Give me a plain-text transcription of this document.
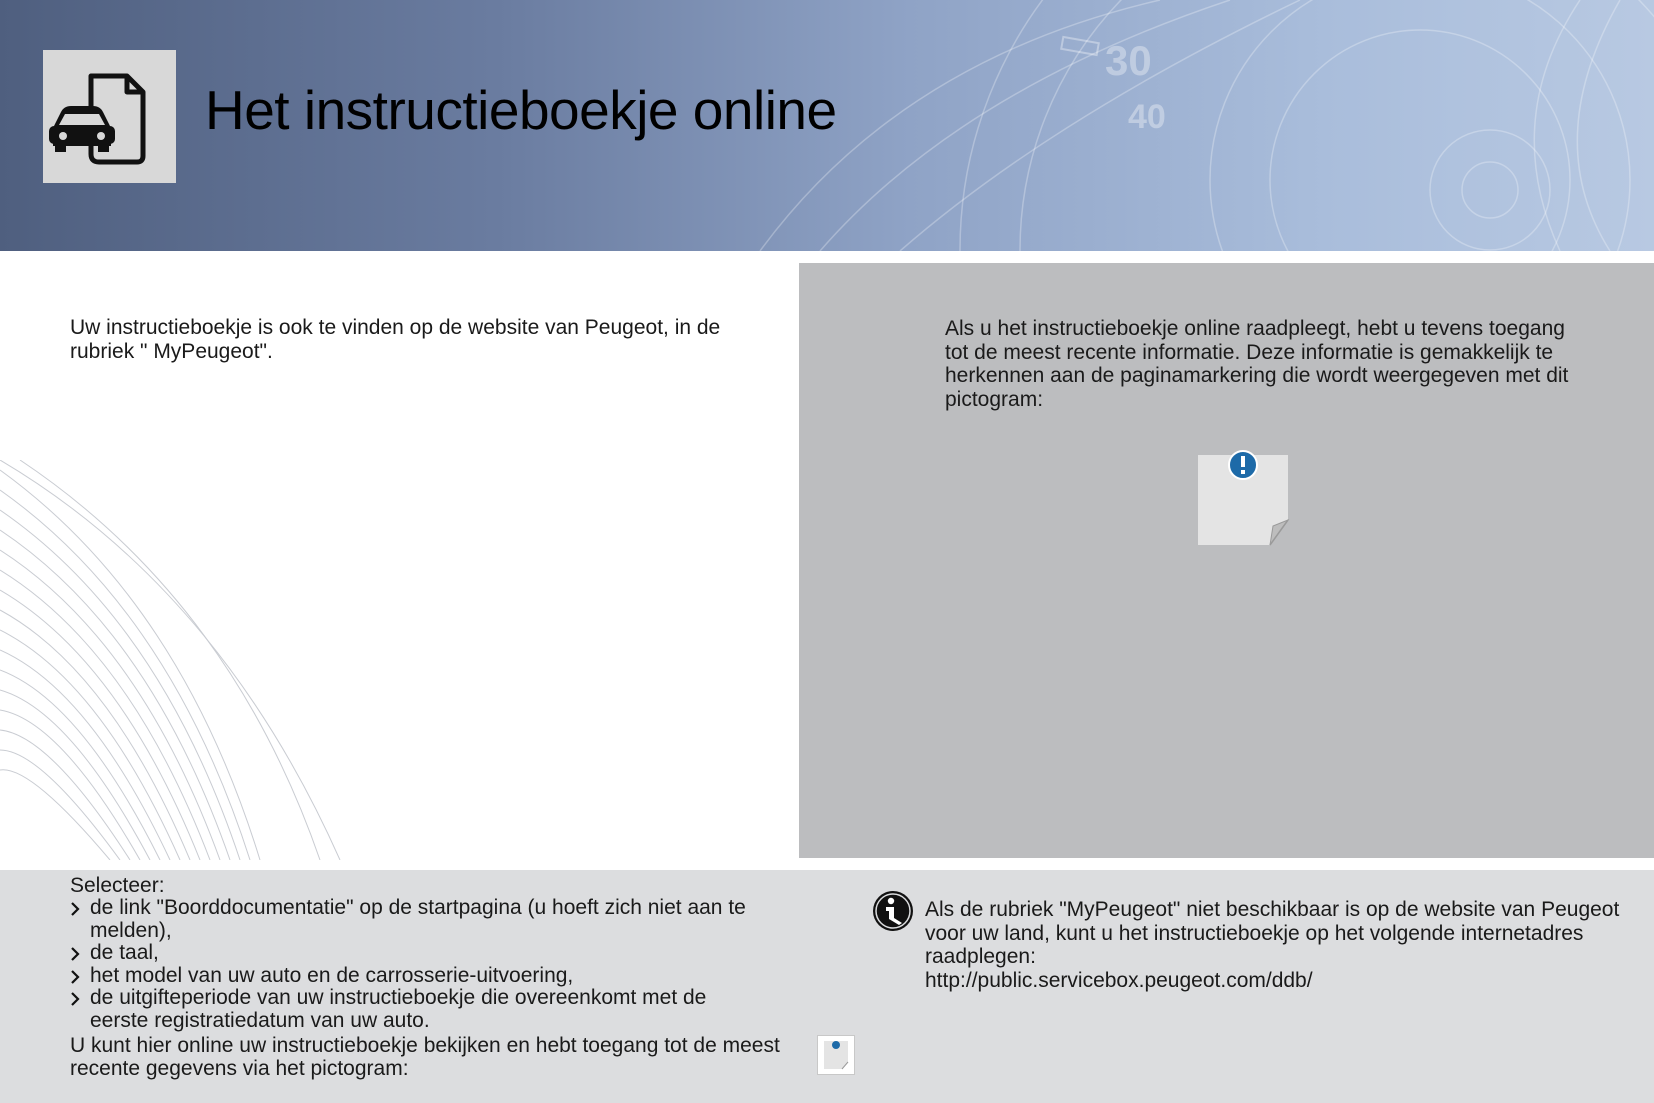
30
40
Het instructieboekje online

Uw instructieboekje is ook te vinden op de website van Peugeot, in de rubriek " MyPeugeot".

Als u het instructieboekje online raadpleegt, hebt u tevens toegang tot de meest recente informatie. Deze informatie is gemakkelijk te herkennen aan de paginamarkering die wordt weergegeven met dit pictogram:

Selecteer:

de link "Boorddocumentatie" op de startpagina (u hoeft zich niet aan te melden),
de taal,
het model van uw auto en de carrosserie-uitvoering,
de uitgifteperiode van uw instructieboekje die overeenkomt met de eerste registratiedatum van uw auto.

U kunt hier online uw instructieboekje bekijken en hebt toegang tot de meest recente gegevens via het pictogram:

Als de rubriek "MyPeugeot" niet beschikbaar is op de website van Peugeot voor uw land, kunt u het instructieboekje op het volgende internetadres raadplegen:
http://public.servicebox.peugeot.com/ddb/
